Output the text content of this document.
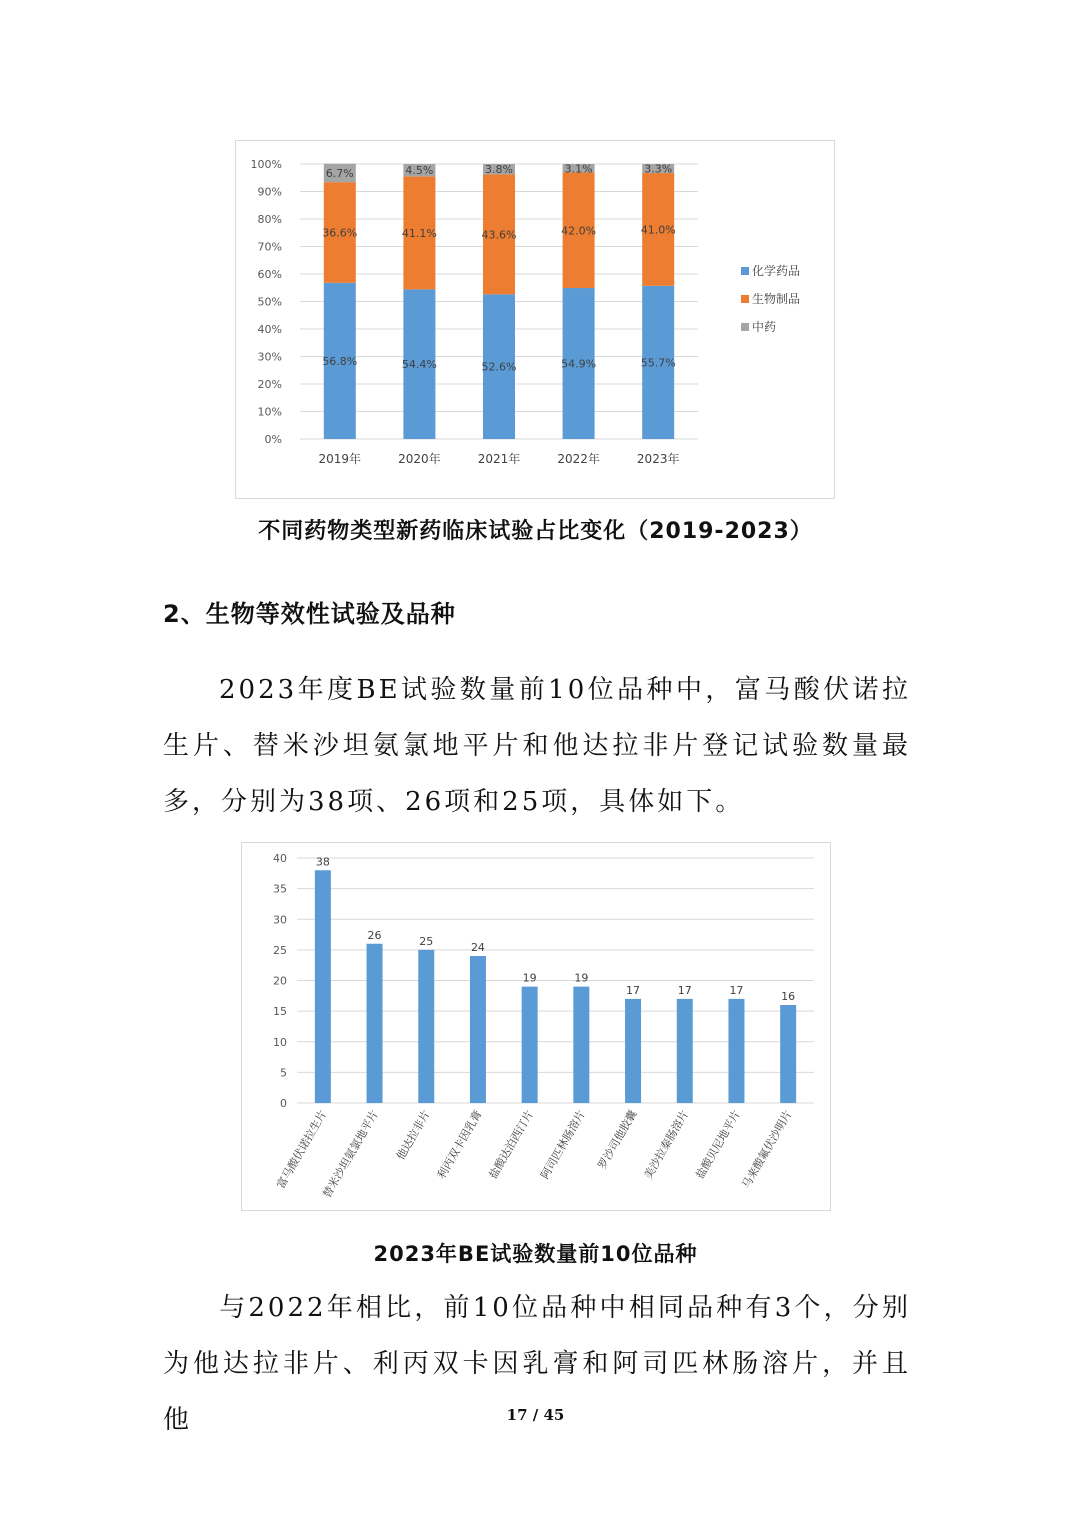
0%
10%
20%
30%
40%
50%
60%
70%
80%
90%
100%
56.8%
36.6%
6.7%
2019年
54.4%
41.1%
4.5%
2020年
52.6%
43.6%
3.8%
2021年
54.9%
42.0%
3.1%
2022年
55.7%
41.0%
3.3%
2023年
化学药品
生物制品
中药
不同药物类型新药临床试验占比变化（2019-2023）
2、生物等效性试验及品种
2023年度BE试验数量前10位品种中，富马酸伏诺拉生片、替米沙坦氨氯地平片和他达拉非片登记试验数量最多，分别为38项、26项和25项，具体如下。
0
5
10
15
20
25
30
35
40	38
富马酸伏诺拉生片
26
替米沙坦氨氯地平片
25
他达拉非片
24
利丙双卡因乳膏
19
盐酸达泊西汀片
19
阿司匹林肠溶片
17
罗沙司他胶囊
17
美沙拉秦肠溶片
17
盐酸贝尼地平片
16
马来酸氟伏沙明片
2023年BE试验数量前10位品种
与2022年相比，前10位品种中相同品种有3个，分别为他达拉非片、利丙双卡因乳膏和阿司匹林肠溶片，并且他	17 / 45
